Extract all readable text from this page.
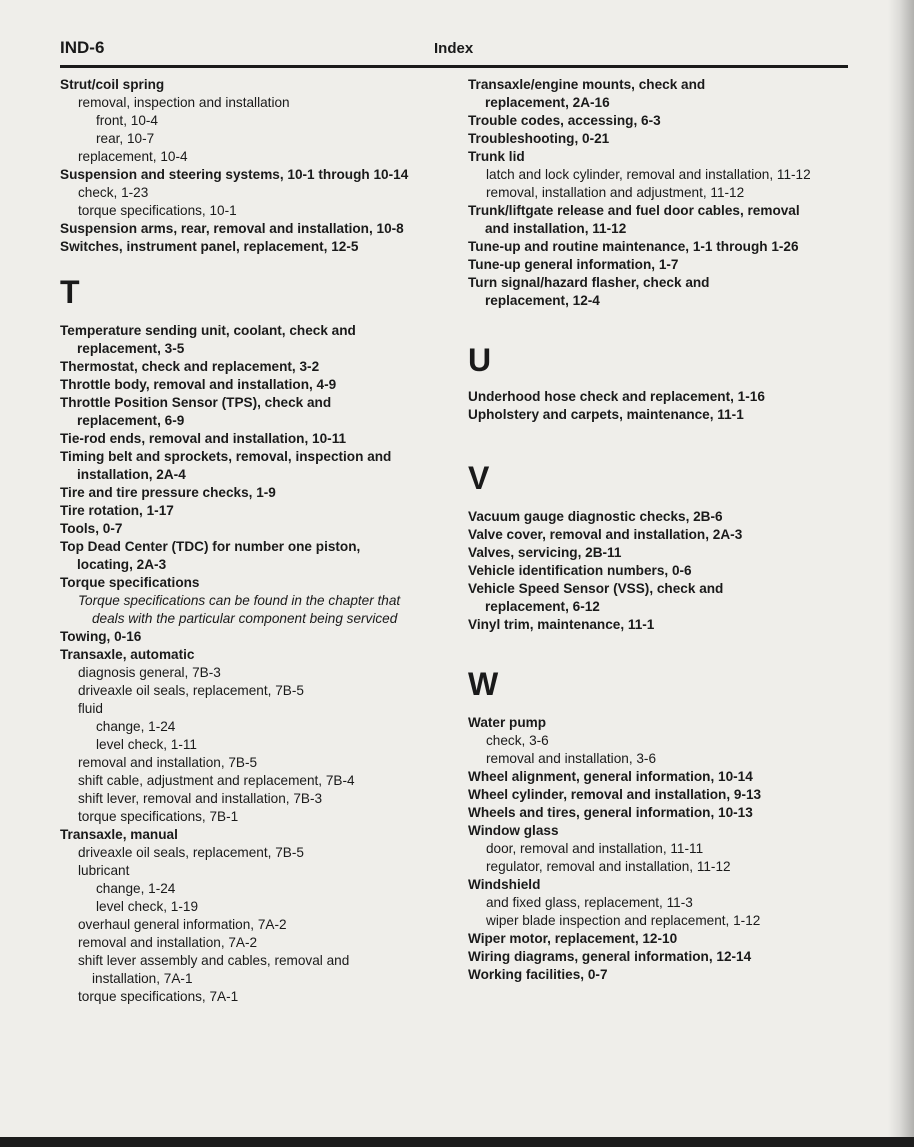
IND-6	Index
Strut/coil spring
removal, inspection and installation
front, 10-4
rear, 10-7
replacement, 10-4
Suspension and steering systems, 10-1 through 10-14
check, 1-23
torque specifications, 10-1
Suspension arms, rear, removal and installation, 10-8
Switches, instrument panel, replacement, 12-5
T
Temperature sending unit, coolant, check and
replacement, 3-5
Thermostat, check and replacement, 3-2
Throttle body, removal and installation, 4-9
Throttle Position Sensor (TPS), check and
replacement, 6-9
Tie-rod ends, removal and installation, 10-11
Timing belt and sprockets, removal, inspection and
installation, 2A-4
Tire and tire pressure checks, 1-9
Tire rotation, 1-17
Tools, 0-7
Top Dead Center (TDC) for number one piston,
locating, 2A-3
Torque specifications
Torque specifications can be found in the chapter that
deals with the particular component being serviced
Towing, 0-16
Transaxle, automatic
diagnosis general, 7B-3
driveaxle oil seals, replacement, 7B-5
fluid
change, 1-24
level check, 1-11
removal and installation, 7B-5
shift cable, adjustment and replacement, 7B-4
shift lever, removal and installation, 7B-3
torque specifications, 7B-1
Transaxle, manual
driveaxle oil seals, replacement, 7B-5
lubricant
change, 1-24
level check, 1-19
overhaul general information, 7A-2
removal and installation, 7A-2
shift lever assembly and cables, removal and
installation, 7A-1
torque specifications, 7A-1
Transaxle/engine mounts, check and
replacement, 2A-16
Trouble codes, accessing, 6-3
Troubleshooting, 0-21
Trunk lid
latch and lock cylinder, removal and installation, 11-12
removal, installation and adjustment, 11-12
Trunk/liftgate release and fuel door cables, removal
and installation, 11-12
Tune-up and routine maintenance, 1-1 through 1-26
Tune-up general information, 1-7
Turn signal/hazard flasher, check and
replacement, 12-4
U
Underhood hose check and replacement, 1-16
Upholstery and carpets, maintenance, 11-1
V
Vacuum gauge diagnostic checks, 2B-6
Valve cover, removal and installation, 2A-3
Valves, servicing, 2B-11
Vehicle identification numbers, 0-6
Vehicle Speed Sensor (VSS), check and
replacement, 6-12
Vinyl trim, maintenance, 11-1
W
Water pump
check, 3-6
removal and installation, 3-6
Wheel alignment, general information, 10-14
Wheel cylinder, removal and installation, 9-13
Wheels and tires, general information, 10-13
Window glass
door, removal and installation, 11-11
regulator, removal and installation, 11-12
Windshield
and fixed glass, replacement, 11-3
wiper blade inspection and replacement, 1-12
Wiper motor, replacement, 12-10
Wiring diagrams, general information, 12-14
Working facilities, 0-7
